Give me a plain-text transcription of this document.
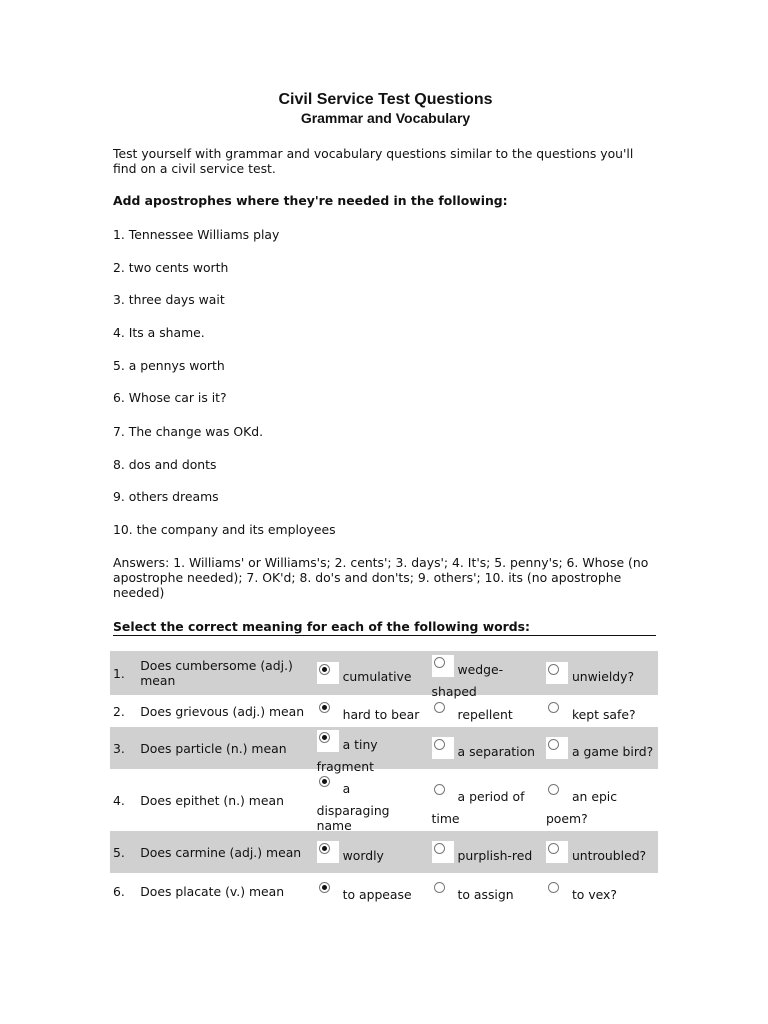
Civil Service Test Questions
Grammar and Vocabulary

Test yourself with grammar and vocabulary questions similar to the questions you'll find on a civil service test.

Add apostrophes where they're needed in the following:

1. Tennessee Williams play

2. two cents worth

3. three days wait

4. Its a shame.

5. a pennys worth

6. Whose car is it?

7. The change was OKd.

8. dos and donts

9. others dreams

10. the company and its employees

Answers: 1. Williams' or Williams's; 2. cents'; 3. days'; 4. It's; 5. penny's; 6. Whose (no apostrophe needed); 7. OK'd; 8. do's and don'ts; 9. others'; 10. its (no apostrophe needed)

Select the correct meaning for each of the following words:

1.	Does cumbersome (adj.) mean	cumulative	wedge-shaped	unwieldy?
2.	Does grievous (adj.) mean	hard to bear	repellent	kept safe?
3.	Does particle (n.) mean	a tiny fragment	a separation	a game bird?
4.	Does epithet (n.) mean	a disparaging name	a period of time	an epic poem?
5.	Does carmine (adj.) mean	wordly	purplish-red	untroubled?
6.	Does placate (v.) mean	to appease	to assign	to vex?
